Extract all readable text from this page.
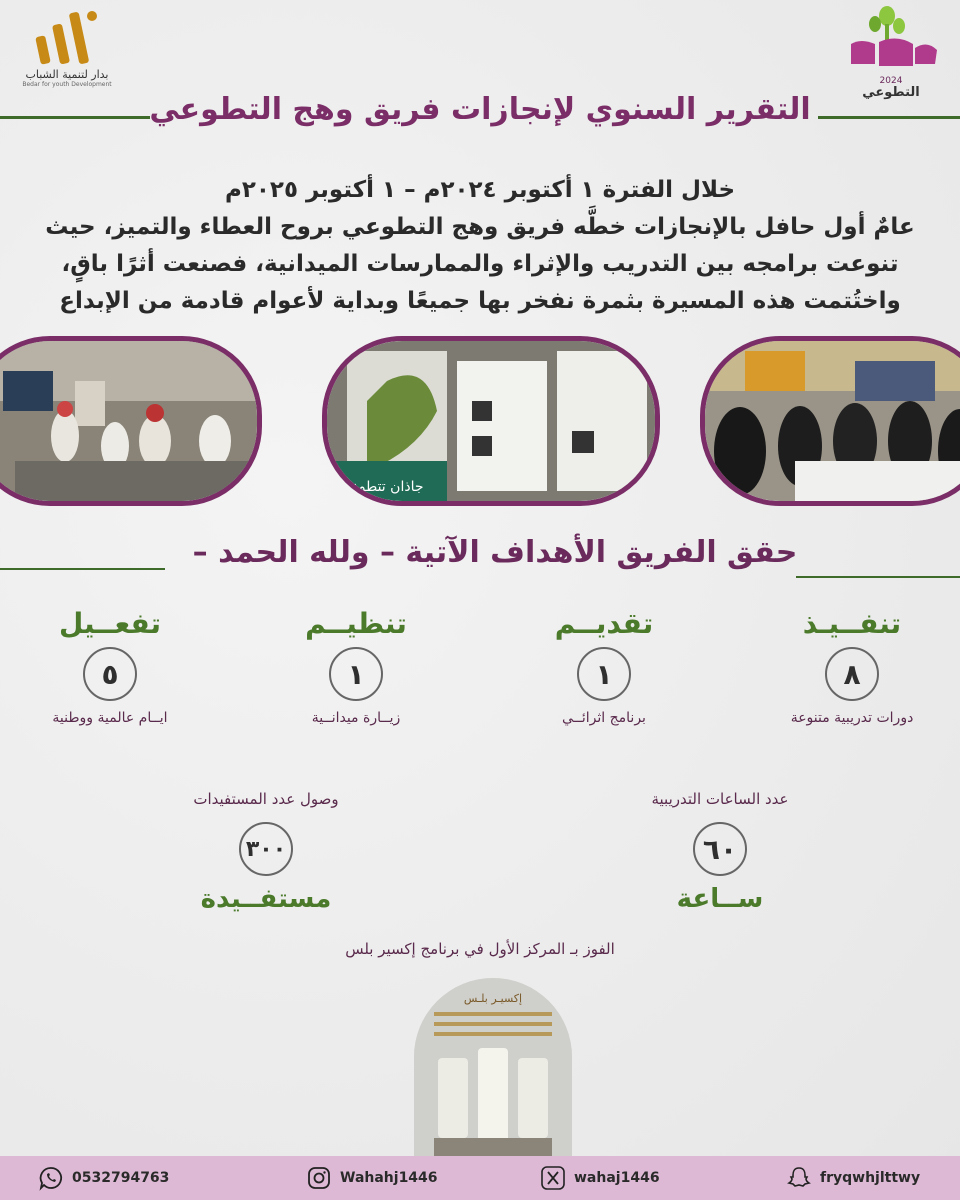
بدار لتنمية الشباب
Bedar for youth Development	2024
التطوعي
التقرير السنوي لإنجازات فريق وهج التطوعي
خلال الفترة ١ أكتوبر ٢٠٢٤م – ١ أكتوبر ٢٠٢٥م
عامٌ أول حافل بالإنجازات خطَّه فريق وهج التطوعي بروح العطاء والتميز، حيث
تنوعت برامجه بين التدريب والإثراء والممارسات الميدانية، فصنعت أثرًا باقٍ،
واختُتمت هذه المسيرة بثمرة نفخر بها جميعًا وبداية لأعوام قادمة من الإبداع
جاذان تتطوع
حقق الفريق الأهداف الآتية – ولله الحمد –
تنفــيـذ
٨
دورات تدريبية متنوعة
تقديــم
١
برنامج اثرائــي
تنظيــم
١
زيــارة ميدانــية
تفعــيل
٥
ايــام عالمية ووطنية
عدد الساعات التدريبية
٦٠
ســاعة
وصول عدد المستفيدات
٣٠٠
مستفــيدة
الفوز بـ المركز الأول في برنامج إكسير بلس
إكسيـر بلـس
fryqwhjlttwy
wahaj1446
Wahahj1446
0532794763
